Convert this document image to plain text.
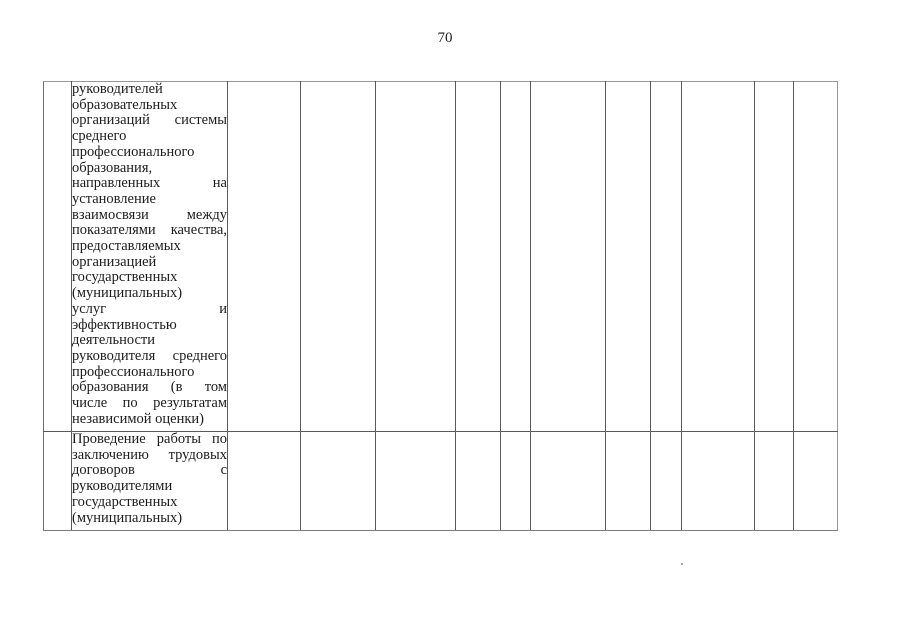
70

руководителей
образовательных
организаций системы
среднего
профессионального
образования,
направленных	на
установление
взаимосвязи	между
показателями качества,
предоставляемых
организацией
государственных
(муниципальных)
услуг	и
эффективностью
деятельности
руководителя среднего
профессионального
образования (в том
числе по результатам
независимой оценки)

Проведение работы по
заключению трудовых
договоров	с
руководителями
государственных
(муниципальных)
